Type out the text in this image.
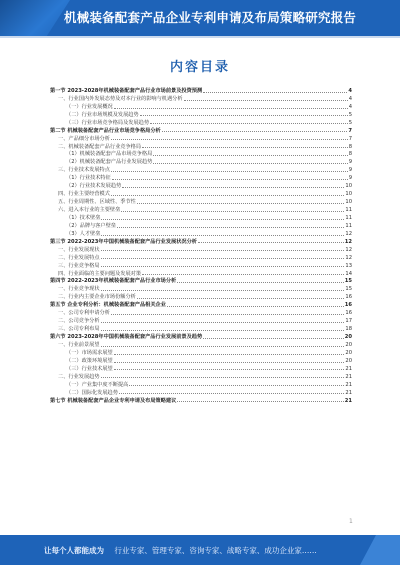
机械装备配套产品企业专利申请及布局策略研究报告
内容目录
第一节 2023-2028年机械装备配套产品行业市场前景及投资预测	4
一、行业国内外发展态势及对本行业的影响与机遇分析	4
（一）行业发展概况	4
（二）行业市场规模及发展趋势	5
（三）行业市场竞争格局及发展趋势	5
第二节 机械装备配套产品行业市场竞争格局分析	7
一、产品细分市场分析	7
二、机械装备配套产品行业竞争格局	8
（1）机械装备配套产品市场竞争格局	8
（2）机械装备配套产品行业发展趋势	9
三、行业技术发展特点	9
（1）行业技术特征	9
（2）行业技术发展趋势	10
四、行业主要经营模式	10
五、行业周期性、区域性、季节性	10
六、进入本行业的主要壁垒	11
（1）技术壁垒	11
（2）品牌与客户壁垒	11
（3）人才壁垒	12
第三节 2022-2023年中国机械装备配套产品行业发展状况分析	12
一、行业发展现状	12
二、行业发展特点	12
三、行业竞争格局	13
四、行业面临的主要问题及发展对策	14
第四节 2022-2023年机械装备配套产品行业市场分析	15
一、行业竞争现状	15
二、行业内主要企业市场份额分析	16
第五节 企业专利分析：机械装备配套产品相关企业	16
一、公司专利申请分析	16
二、公司竞争分析	17
三、公司专利布局	18
第六节 2023-2028年中国机械装备配套产品行业发展前景及趋势	20
一、行业前景展望	20
（一）市场需求展望	20
（二）政策环境展望	20
（三）行业技术展望	21
二、行业发展趋势	21
（一）产业集中度不断提高	21
（二）国际化发展趋势	21
第七节 机械装备配套产品企业专利申请及布局策略建议	21
1
让每个人都能成为 行业专家、管理专家、咨询专家、战略专家、成功企业家……
